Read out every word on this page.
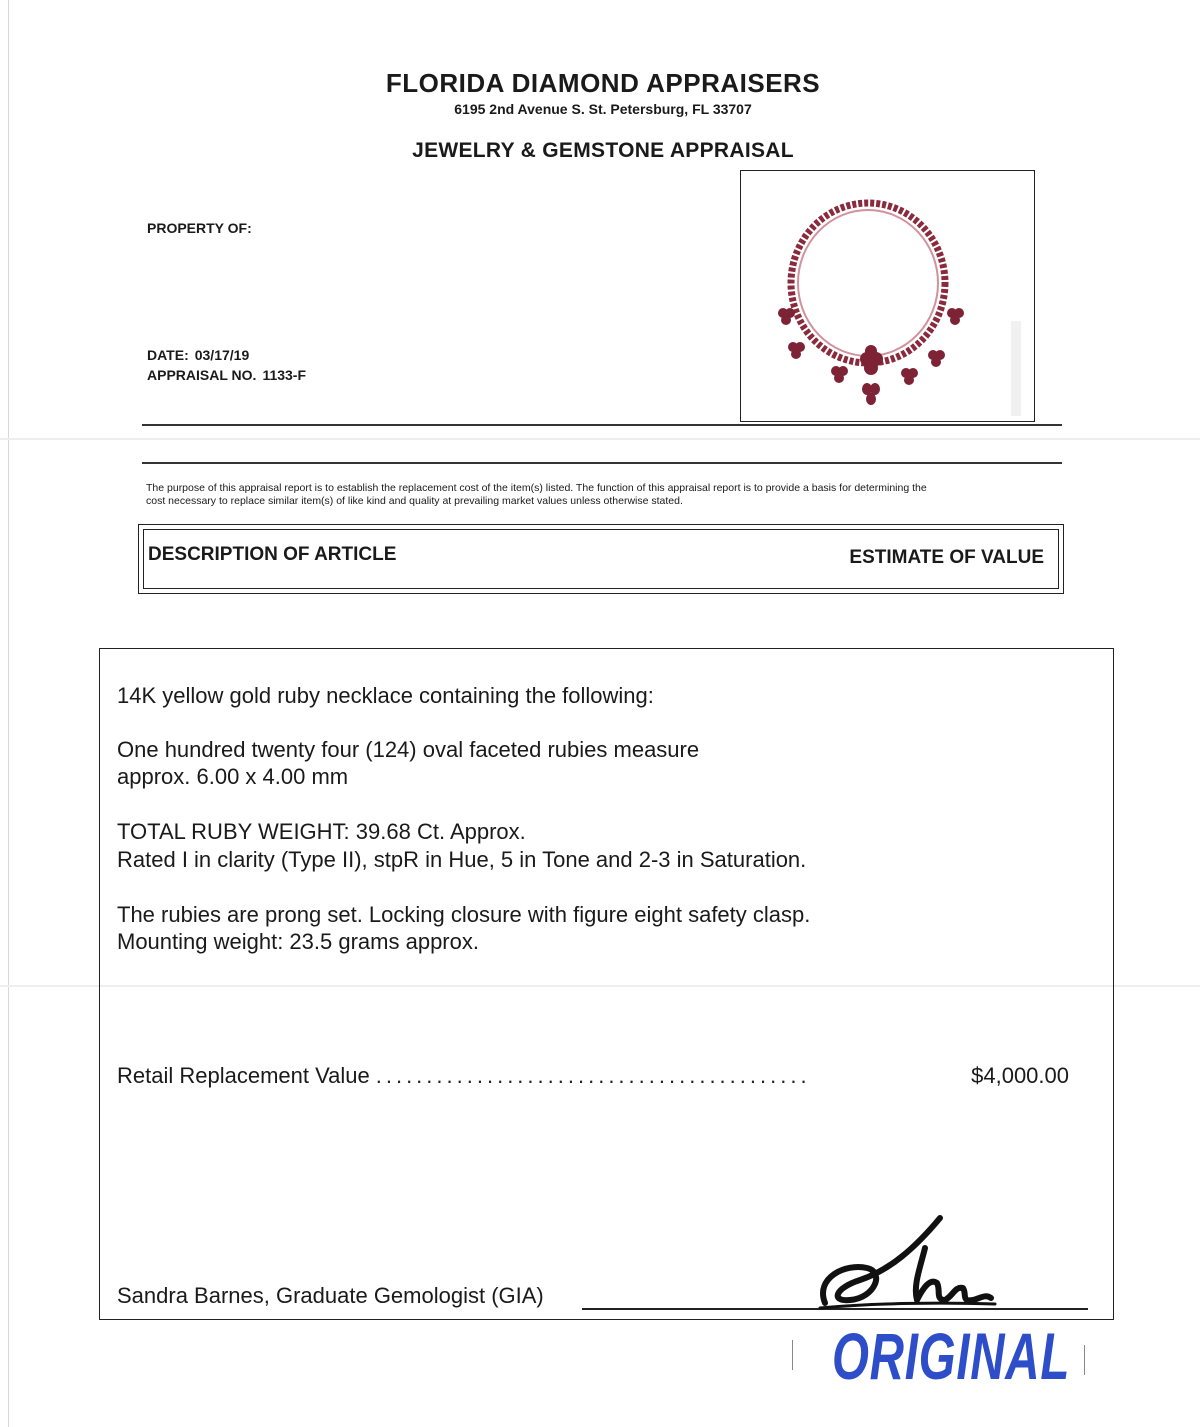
FLORIDA DIAMOND APPRAISERS
6195 2nd Avenue S. St. Petersburg, FL 33707
JEWELRY & GEMSTONE APPRAISAL
PROPERTY OF:
DATE: 03/17/19
APPRAISAL NO. 1133-F
The purpose of this appraisal report is to establish the replacement cost of the item(s) listed. The function of this appraisal report is to provide a basis for determining the
cost necessary to replace similar item(s) of like kind and quality at prevailing market values unless otherwise stated.
DESCRIPTION OF ARTICLE	ESTIMATE OF VALUE
14K yellow gold ruby necklace containing the following:
One hundred twenty four (124) oval faceted rubies measure
approx. 6.00 x 4.00 mm
TOTAL RUBY WEIGHT: 39.68 Ct. Approx.
Rated I in clarity (Type II), stpR in Hue, 5 in Tone and 2-3 in Saturation.
The rubies are prong set. Locking closure with figure eight safety clasp.
Mounting weight: 23.5 grams approx.
Retail Replacement Value ...........................................	$4,000.00
Sandra Barnes, Graduate Gemologist (GIA)
ORIGINAL
